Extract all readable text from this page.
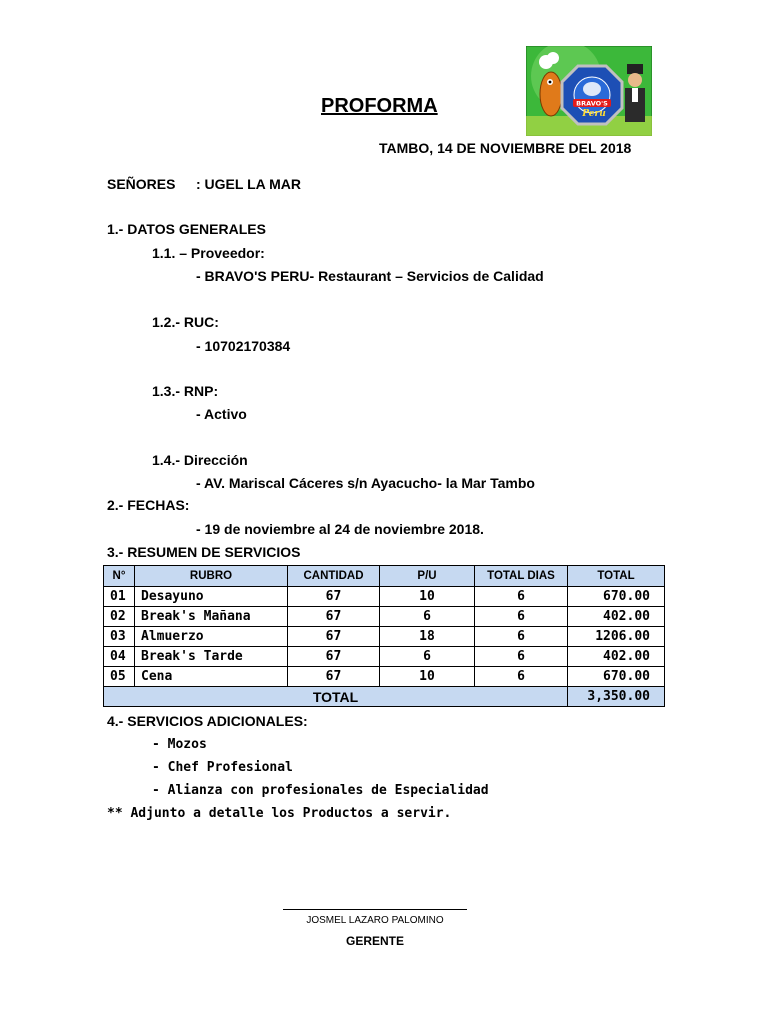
BRAVO'S
Peru
PROFORMA
TAMBO, 14 DE NOVIEMBRE DEL 2018
SEÑORES : UGEL LA MAR
1.- DATOS GENERALES
1.1. – Proveedor:
- BRAVO'S PERU- Restaurant – Servicios de Calidad
1.2.- RUC:
- 10702170384
1.3.- RNP:
- Activo
1.4.- Dirección
- AV. Mariscal Cáceres s/n Ayacucho- la Mar Tambo
2.- FECHAS:
- 19 de noviembre al 24 de noviembre 2018.
3.- RESUMEN DE SERVICIOS
N°	RUBRO	CANTIDAD	P/U	TOTAL DIAS	TOTAL
01	Desayuno	67	10	6	670.00
02	Break's Mañana	67	6	6	402.00
03	Almuerzo	67	18	6	1206.00
04	Break's Tarde	67	6	6	402.00
05	Cena	67	10	6	670.00
TOTAL					3,350.00
4.- SERVICIOS ADICIONALES:
- Mozos
- Chef Profesional
- Alianza con profesionales de Especialidad
** Adjunto a detalle los Productos a servir.
JOSMEL LAZARO PALOMINO
GERENTE
